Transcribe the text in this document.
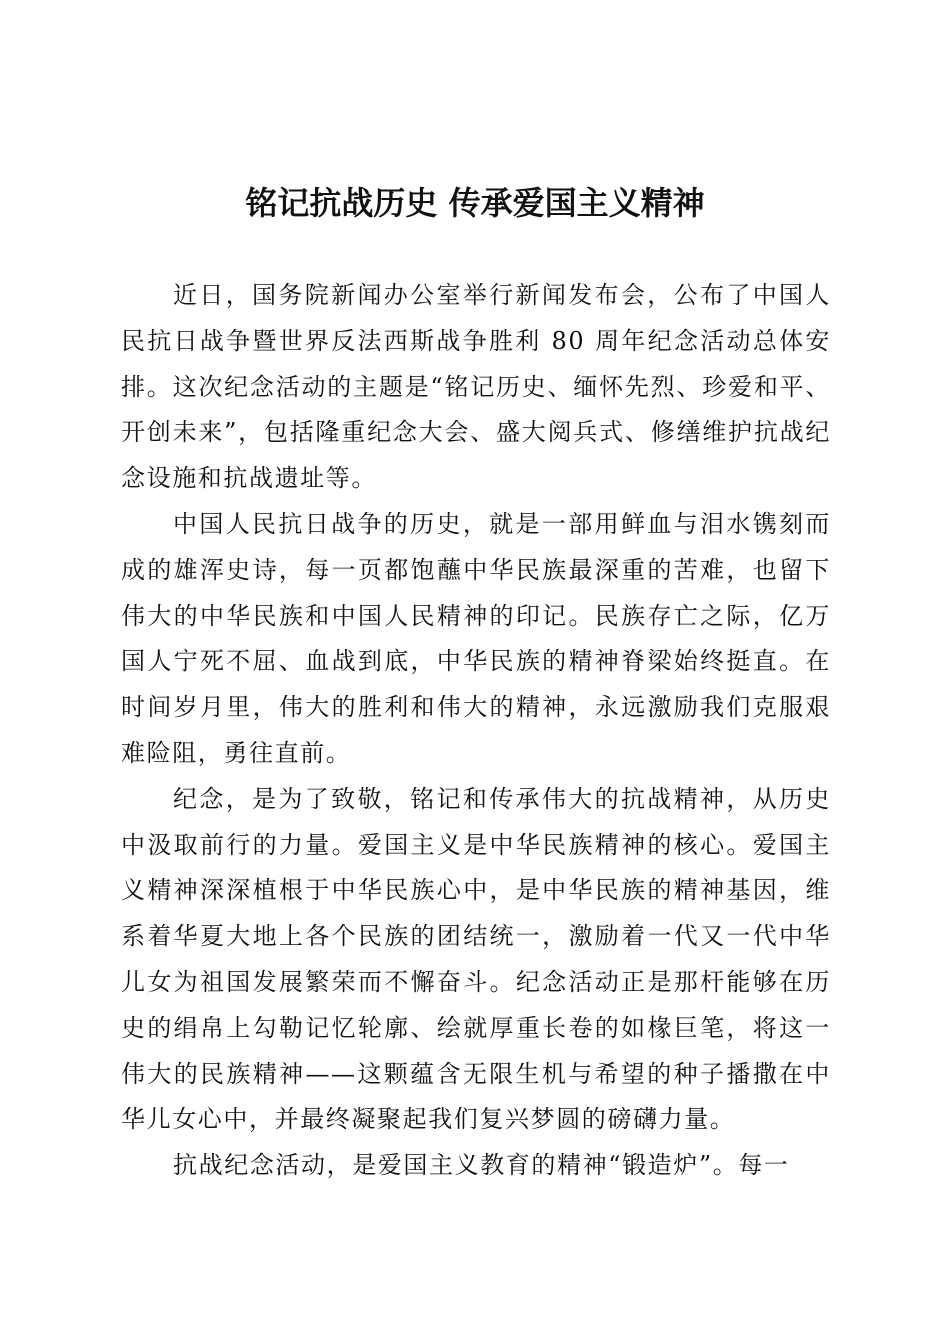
铭记抗战历史 传承爱国主义精神

近日，国务院新闻办公室举行新闻发布会，公布了中国人民抗日战争暨世界反法西斯战争胜利 80 周年纪念活动总体安排。这次纪念活动的主题是“铭记历史、缅怀先烈、珍爱和平、开创未来”，包括隆重纪念大会、盛大阅兵式、修缮维护抗战纪念设施和抗战遗址等。

中国人民抗日战争的历史，就是一部用鲜血与泪水镌刻而成的雄浑史诗，每一页都饱蘸中华民族最深重的苦难，也留下伟大的中华民族和中国人民精神的印记。民族存亡之际，亿万国人宁死不屈、血战到底，中华民族的精神脊梁始终挺直。在时间岁月里，伟大的胜利和伟大的精神，永远激励我们克服艰难险阻，勇往直前。

纪念，是为了致敬，铭记和传承伟大的抗战精神，从历史中汲取前行的力量。爱国主义是中华民族精神的核心。爱国主义精神深深植根于中华民族心中，是中华民族的精神基因，维系着华夏大地上各个民族的团结统一，激励着一代又一代中华儿女为祖国发展繁荣而不懈奋斗。纪念活动正是那杆能够在历史的绢帛上勾勒记忆轮廓、绘就厚重长卷的如椽巨笔，将这一伟大的民族精神——这颗蕴含无限生机与希望的种子播撒在中华儿女心中，并最终凝聚起我们复兴梦圆的磅礴力量。

抗战纪念活动，是爱国主义教育的精神“锻造炉”。每一
